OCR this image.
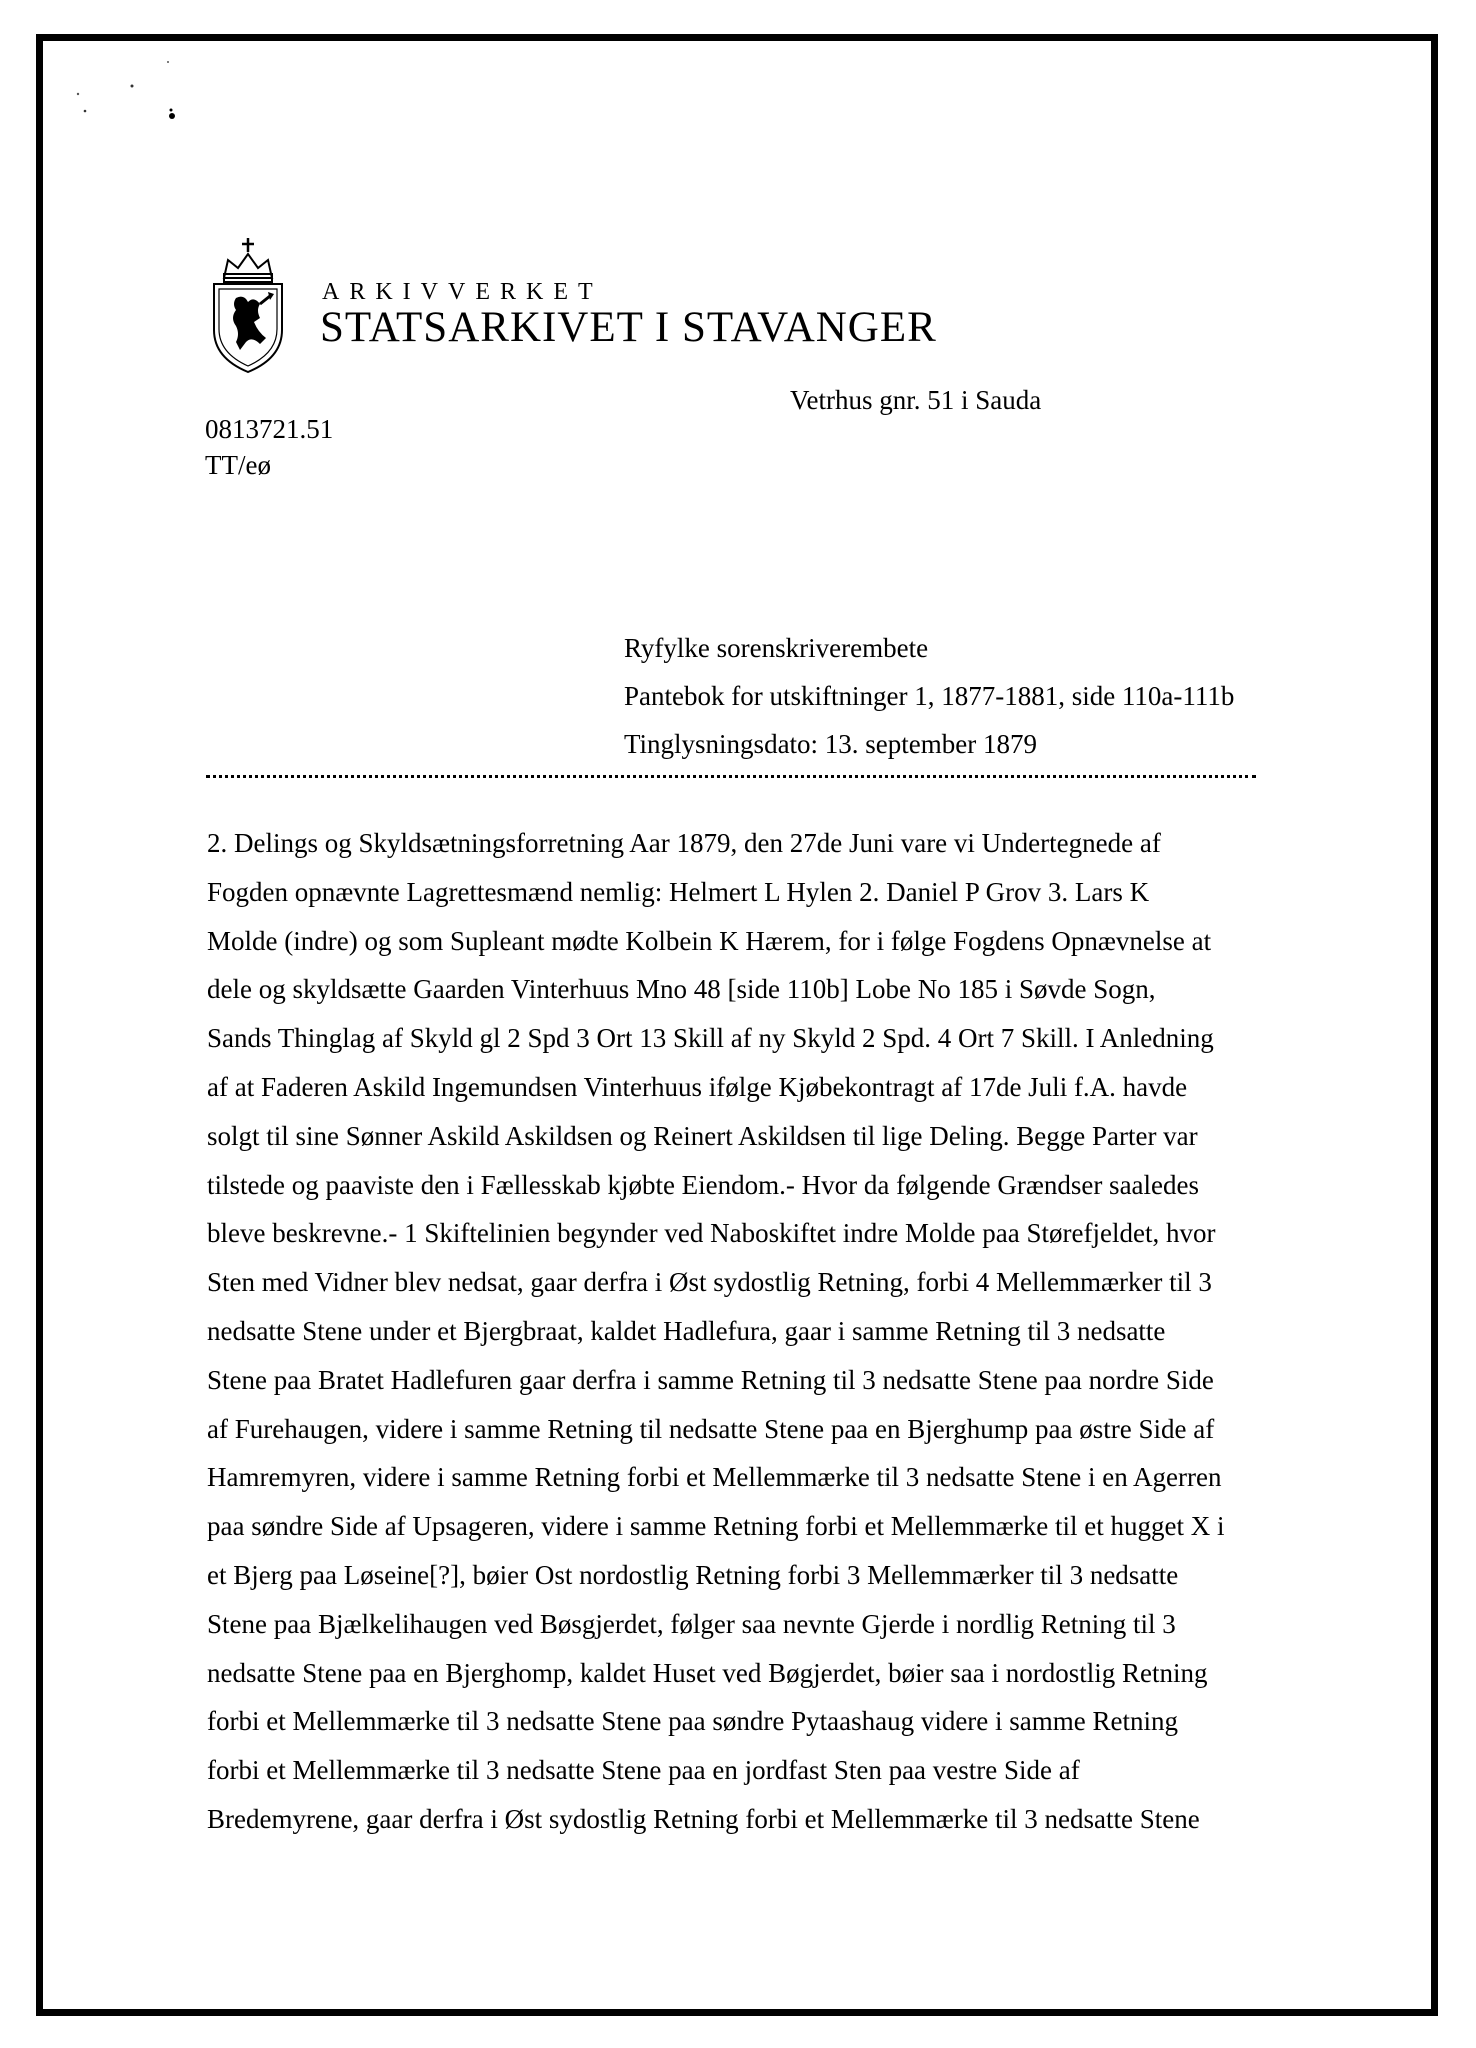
ARKIVVERKET
STATSARKIVET I STAVANGER
Vetrhus gnr. 51 i Sauda
0813721.51
TT/eø
Ryfylke sorenskriverembete
Pantebok for utskiftninger 1, 1877-1881, side 110a-111b
Tinglysningsdato: 13. september 1879
2. Delings og Skyldsætningsforretning Aar 1879, den 27de Juni vare vi Undertegnede af
Fogden opnævnte Lagrettesmænd nemlig: Helmert L Hylen 2. Daniel P Grov 3. Lars K
Molde (indre) og som Supleant mødte Kolbein K Hærem, for i følge Fogdens Opnævnelse at
dele og skyldsætte Gaarden Vinterhuus Mno 48 [side 110b] Lobe No 185 i Søvde Sogn,
Sands Thinglag af Skyld gl 2 Spd 3 Ort 13 Skill af ny Skyld 2 Spd. 4 Ort 7 Skill. I Anledning
af at Faderen Askild Ingemundsen Vinterhuus ifølge Kjøbekontragt af 17de Juli f.A. havde
solgt til sine Sønner Askild Askildsen og Reinert Askildsen til lige Deling. Begge Parter var
tilstede og paaviste den i Fællesskab kjøbte Eiendom.- Hvor da følgende Grændser saaledes
bleve beskrevne.- 1 Skiftelinien begynder ved Naboskiftet indre Molde paa Størefjeldet, hvor
Sten med Vidner blev nedsat, gaar derfra i Øst sydostlig Retning, forbi 4 Mellemmærker til 3
nedsatte Stene under et Bjergbraat, kaldet Hadlefura, gaar i samme Retning til 3 nedsatte
Stene paa Bratet Hadlefuren gaar derfra i samme Retning til 3 nedsatte Stene paa nordre Side
af Furehaugen, videre i samme Retning til nedsatte Stene paa en Bjerghump paa østre Side af
Hamremyren, videre i samme Retning forbi et Mellemmærke til 3 nedsatte Stene i en Agerren
paa søndre Side af Upsageren, videre i samme Retning forbi et Mellemmærke til et hugget X i
et Bjerg paa Løseine[?], bøier Ost nordostlig Retning forbi 3 Mellemmærker til 3 nedsatte
Stene paa Bjælkelihaugen ved Bøsgjerdet, følger saa nevnte Gjerde i nordlig Retning til 3
nedsatte Stene paa en Bjerghomp, kaldet Huset ved Bøgjerdet, bøier saa i nordostlig Retning
forbi et Mellemmærke til 3 nedsatte Stene paa søndre Pytaashaug videre i samme Retning
forbi et Mellemmærke til 3 nedsatte Stene paa en jordfast Sten paa vestre Side af
Bredemyrene, gaar derfra i Øst sydostlig Retning forbi et Mellemmærke til 3 nedsatte Stene
